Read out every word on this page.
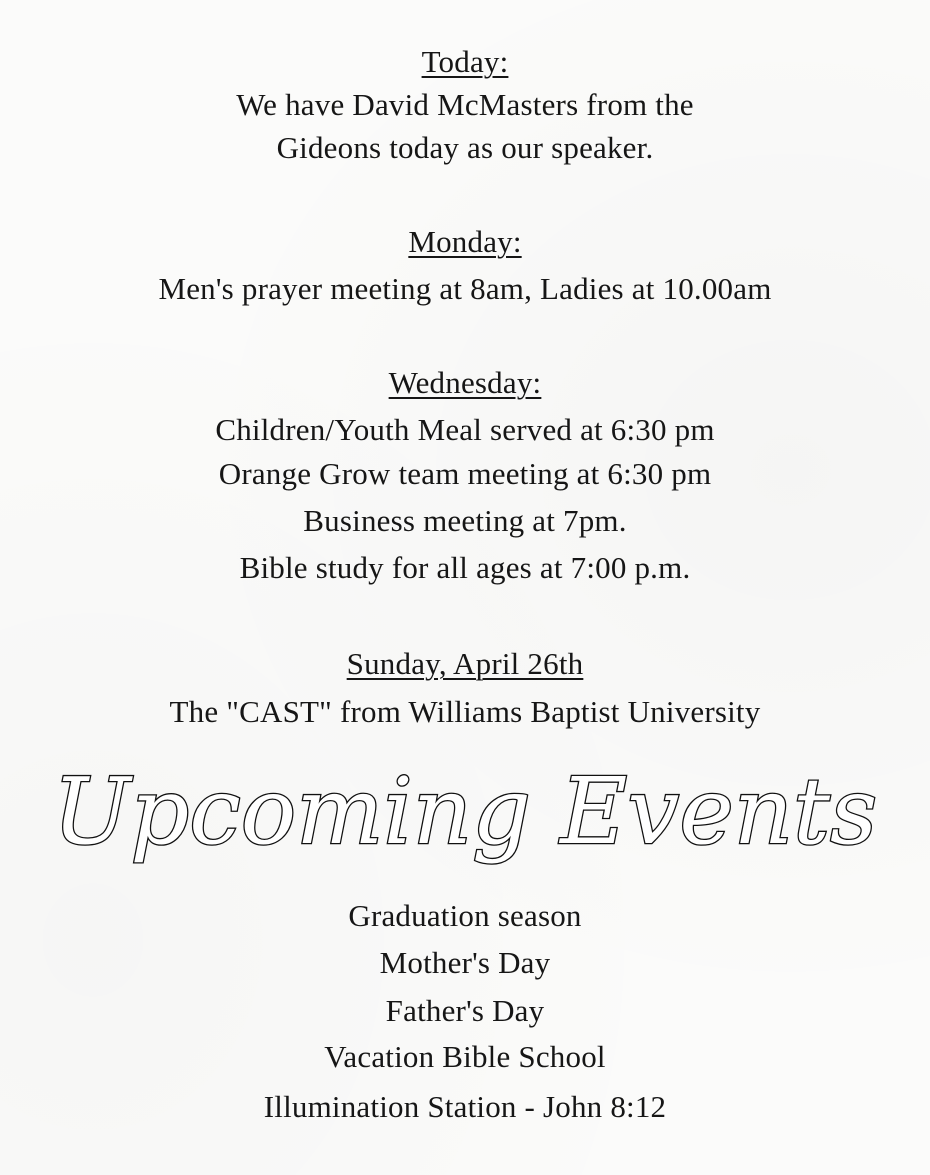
Today:
We have David McMasters from the
Gideons today as our speaker.
Monday:
Men's prayer meeting at 8am, Ladies at 10.00am
Wednesday:
Children/Youth Meal served at 6:30 pm
Orange Grow team meeting at 6:30 pm
Business meeting at 7pm.
Bible study for all ages at 7:00 p.m.
Sunday, April 26th
The "CAST" from Williams Baptist University
Upcoming Events
Graduation season
Mother's Day
Father's Day
Vacation Bible School
Illumination Station - John 8:12
